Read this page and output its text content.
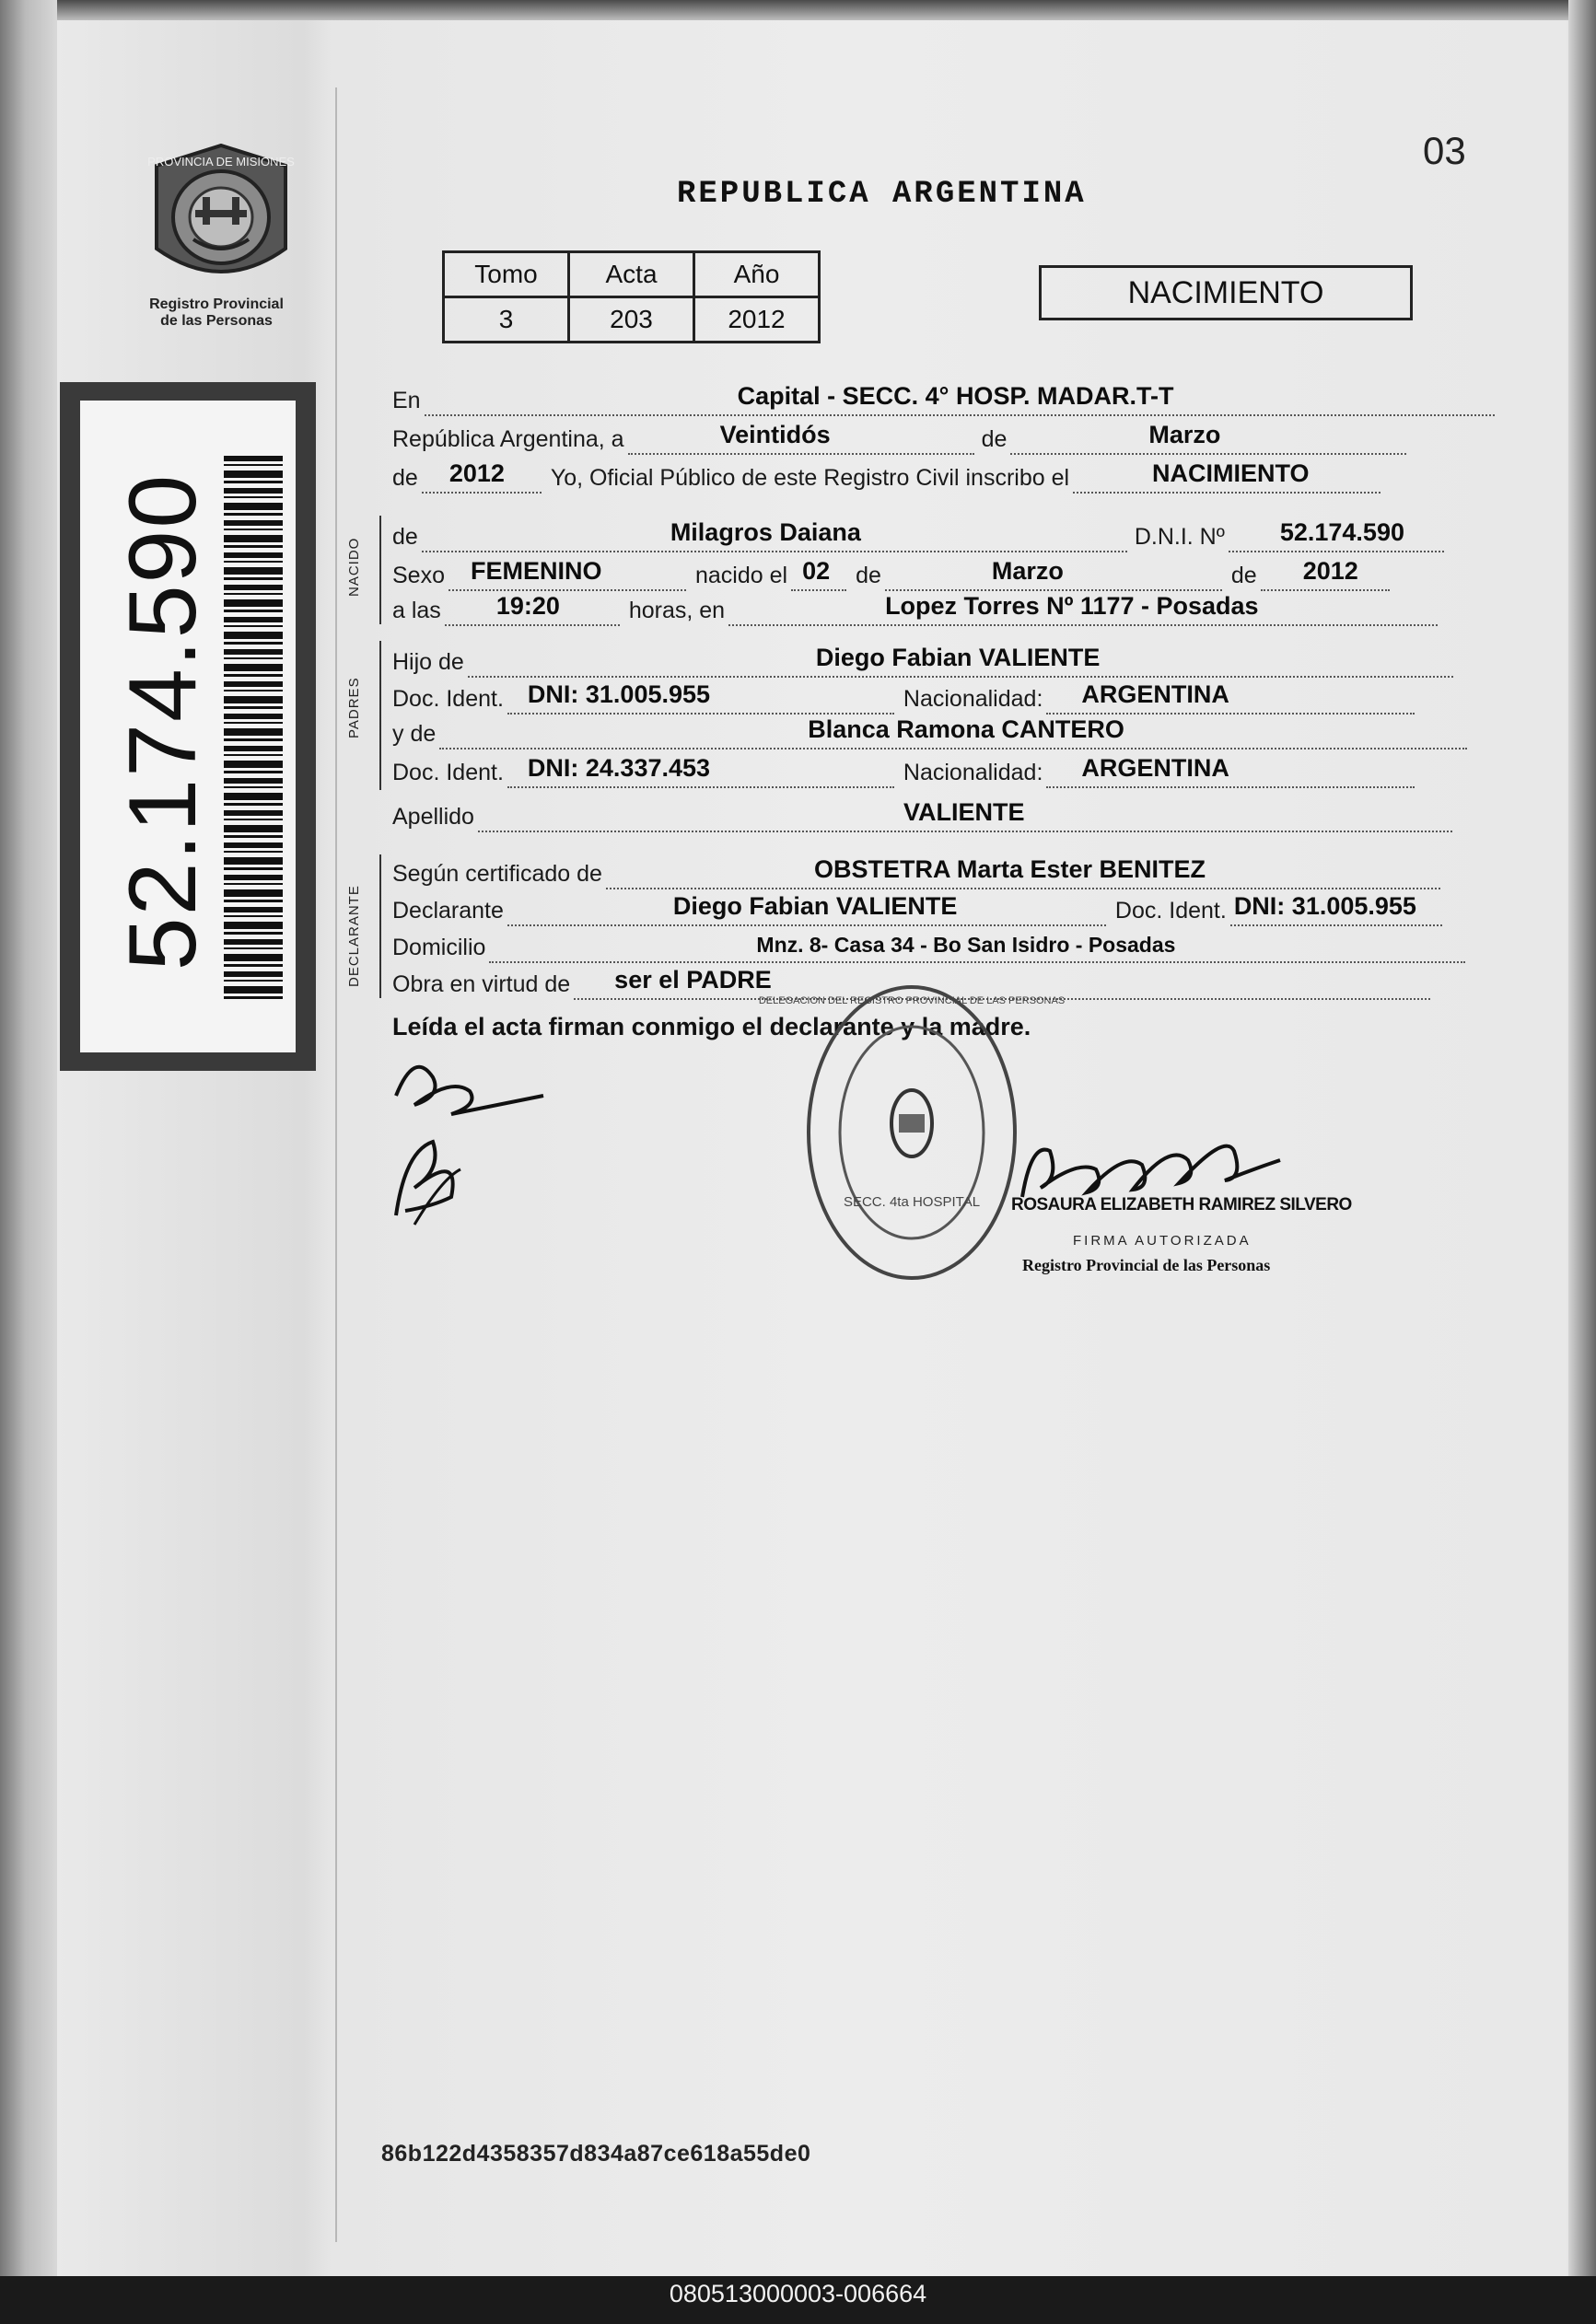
PROVINCIA DE MISIONES
Registro Provincial
de las Personas
52.174.590
03
REPUBLICA ARGENTINA
Tomo	Acta	Año
3	203	2012
NACIMIENTO
En	Capital - SECC. 4° HOSP. MADAR.T-T
República Argentina, a	Veintidós	de	Marzo
de 2012	Yo, Oficial Público de este Registro Civil inscribo el	NACIMIENTO
NACIDO
de	Milagros Daiana	D.N.I. Nº 52.174.590
Sexo FEMENINO	nacido el 02	de	Marzo	de 2012
a las 19:20	horas, en	Lopez Torres Nº 1177 - Posadas
PADRES
Hijo de	Diego Fabian VALIENTE
Doc. Ident. DNI: 31.005.955	Nacionalidad: ARGENTINA
y de	Blanca Ramona CANTERO
Doc. Ident. DNI: 24.337.453	Nacionalidad: ARGENTINA
Apellido	VALIENTE
DECLARANTE
Según certificado de	OBSTETRA Marta Ester BENITEZ
Declarante	Diego Fabian VALIENTE	Doc. Ident. DNI: 31.005.955
Domicilio	Mnz. 8- Casa 34 - Bo San Isidro - Posadas
Obra en virtud de ser el PADRE
Leída el acta firman conmigo el declarante y la madre.
SECC. 4ta HOSPITAL
DELEGACION DEL REGISTRO PROVINCIAL DE LAS PERSONAS
ROSAURA ELIZABETH RAMIREZ SILVERO
FIRMA AUTORIZADA
Registro Provincial de las Personas
86b122d4358357d834a87ce618a55de0
080513000003-006664
